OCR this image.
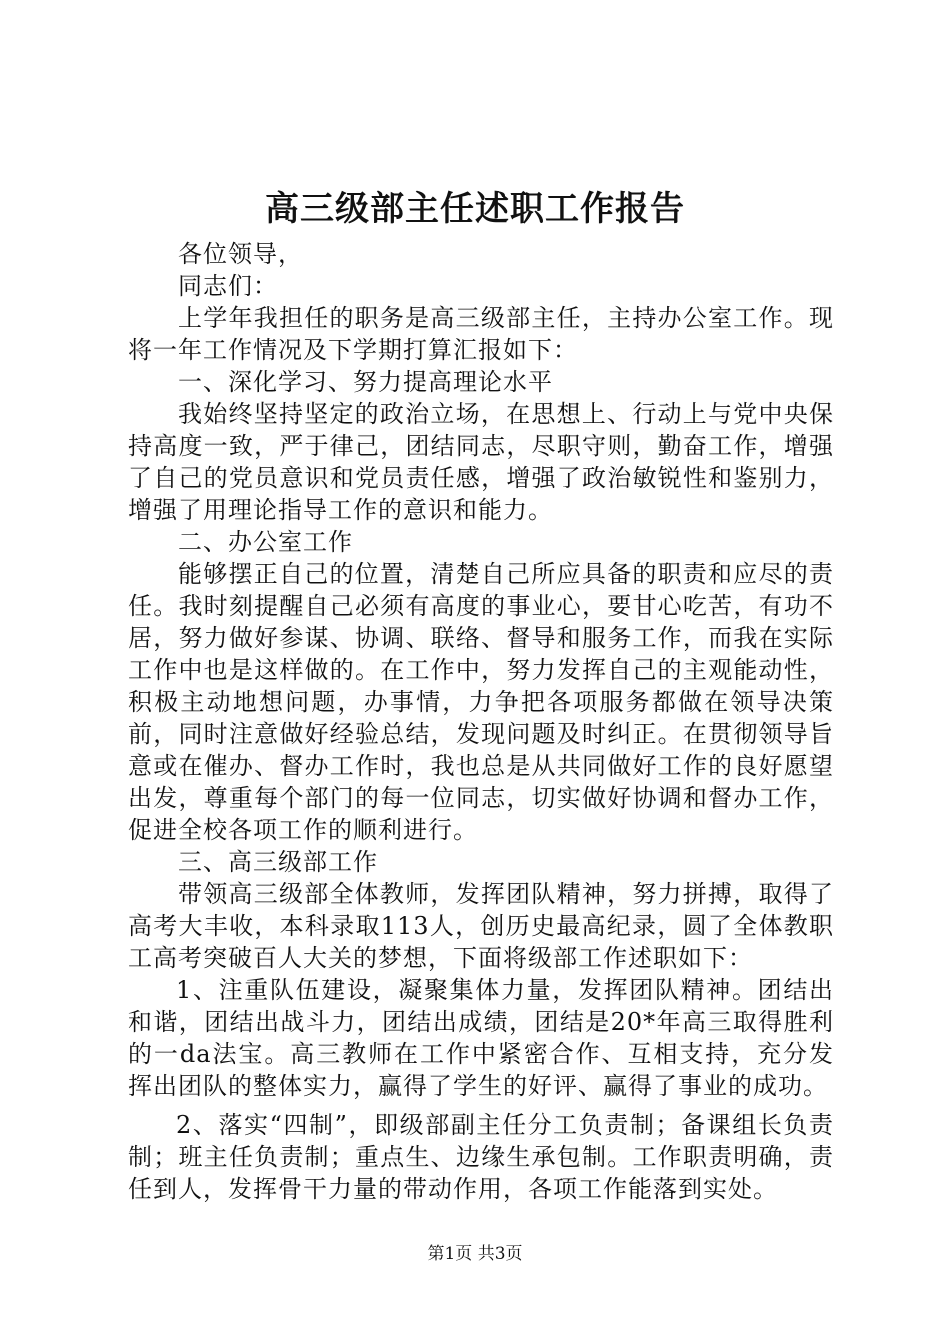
高三级部主任述职工作报告

各位领导，

同志们：

上学年我担任的职务是高三级部主任，主持办公室工作。现将一年工作情况及下学期打算汇报如下：

一、深化学习、努力提高理论水平

我始终坚持坚定的政治立场，在思想上、行动上与党中央保持高度一致，严于律己，团结同志，尽职守则，勤奋工作，增强了自己的党员意识和党员责任感，增强了政治敏锐性和鉴别力，增强了用理论指导工作的意识和能力。

二、办公室工作

能够摆正自己的位置，清楚自己所应具备的职责和应尽的责任。我时刻提醒自己必须有高度的事业心，要甘心吃苦，有功不居，努力做好参谋、协调、联络、督导和服务工作，而我在实际工作中也是这样做的。在工作中，努力发挥自己的主观能动性，积极主动地想问题，办事情，力争把各项服务都做在领导决策前，同时注意做好经验总结，发现问题及时纠正。在贯彻领导旨意或在催办、督办工作时，我也总是从共同做好工作的良好愿望出发，尊重每个部门的每一位同志，切实做好协调和督办工作，促进全校各项工作的顺利进行。

三、高三级部工作

带领高三级部全体教师，发挥团队精神，努力拼搏，取得了高考大丰收，本科录取113人，创历史最高纪录，圆了全体教职工高考突破百人大关的梦想，下面将级部工作述职如下：

1、注重队伍建设，凝聚集体力量，发挥团队精神。团结出和谐，团结出战斗力，团结出成绩，团结是20*年高三取得胜利的一da法宝。高三教师在工作中紧密合作、互相支持，充分发挥出团队的整体实力，赢得了学生的好评、赢得了事业的成功。

2、落实“四制”，即级部副主任分工负责制；备课组长负责制；班主任负责制；重点生、边缘生承包制。工作职责明确，责任到人，发挥骨干力量的带动作用，各项工作能落到实处。

第1页 共3页
